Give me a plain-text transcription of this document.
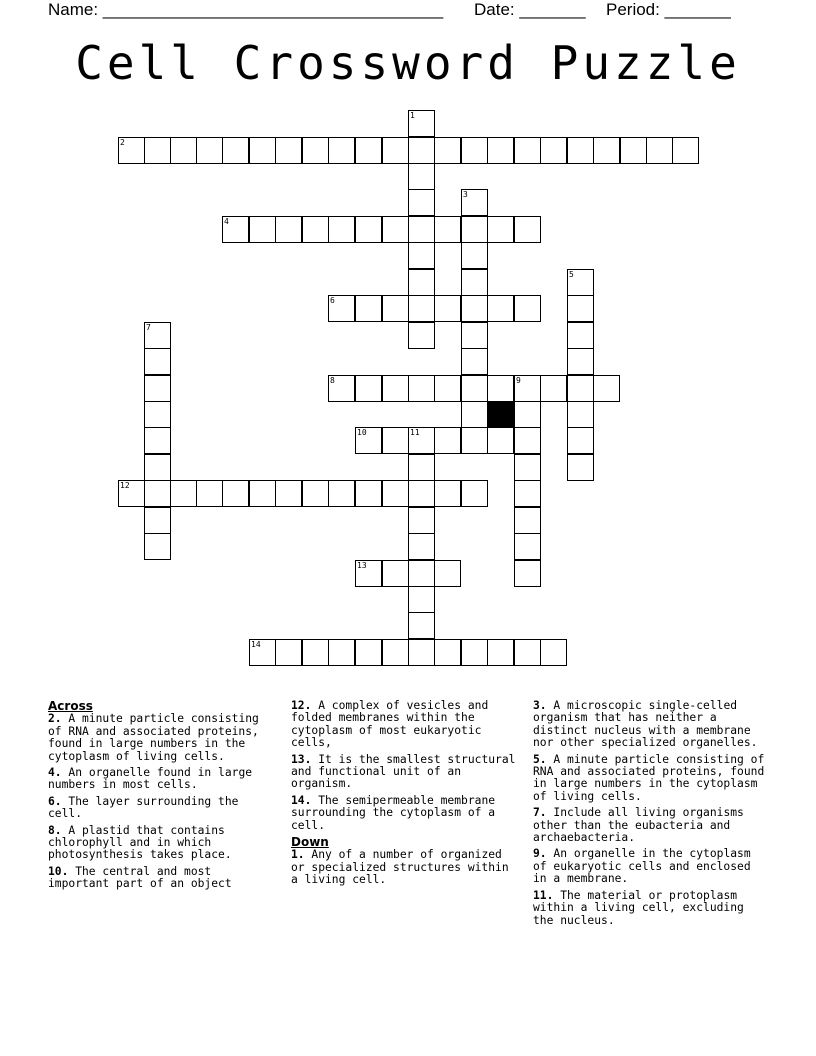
Name: ____________________________________ Date: _______ Period: _______
Cell Crossword Puzzle
1
2
3
4
5
6
7
8	9
10	11
12
13
14
Across
2. A minute particle consisting of RNA and associated proteins, found in large numbers in the cytoplasm of living cells.
4. An organelle found in large numbers in most cells.
6. The layer surrounding the cell.
8. A plastid that contains chlorophyll and in which photosynthesis takes place.
10. The central and most important part of an object
12. A complex of vesicles and folded membranes within the cytoplasm of most eukaryotic cells,
13. It is the smallest structural and functional unit of an organism.
14. The semipermeable membrane surrounding the cytoplasm of a cell.
Down
1. Any of a number of organized or specialized structures within a living cell.
3. A microscopic single-celled organism that has neither a distinct nucleus with a membrane nor other specialized organelles.
5. A minute particle consisting of RNA and associated proteins, found in large numbers in the cytoplasm of living cells.
7. Include all living organisms other than the eubacteria and archaebacteria.
9. An organelle in the cytoplasm of eukaryotic cells and enclosed in a membrane.
11. The material or protoplasm within a living cell, excluding the nucleus.
